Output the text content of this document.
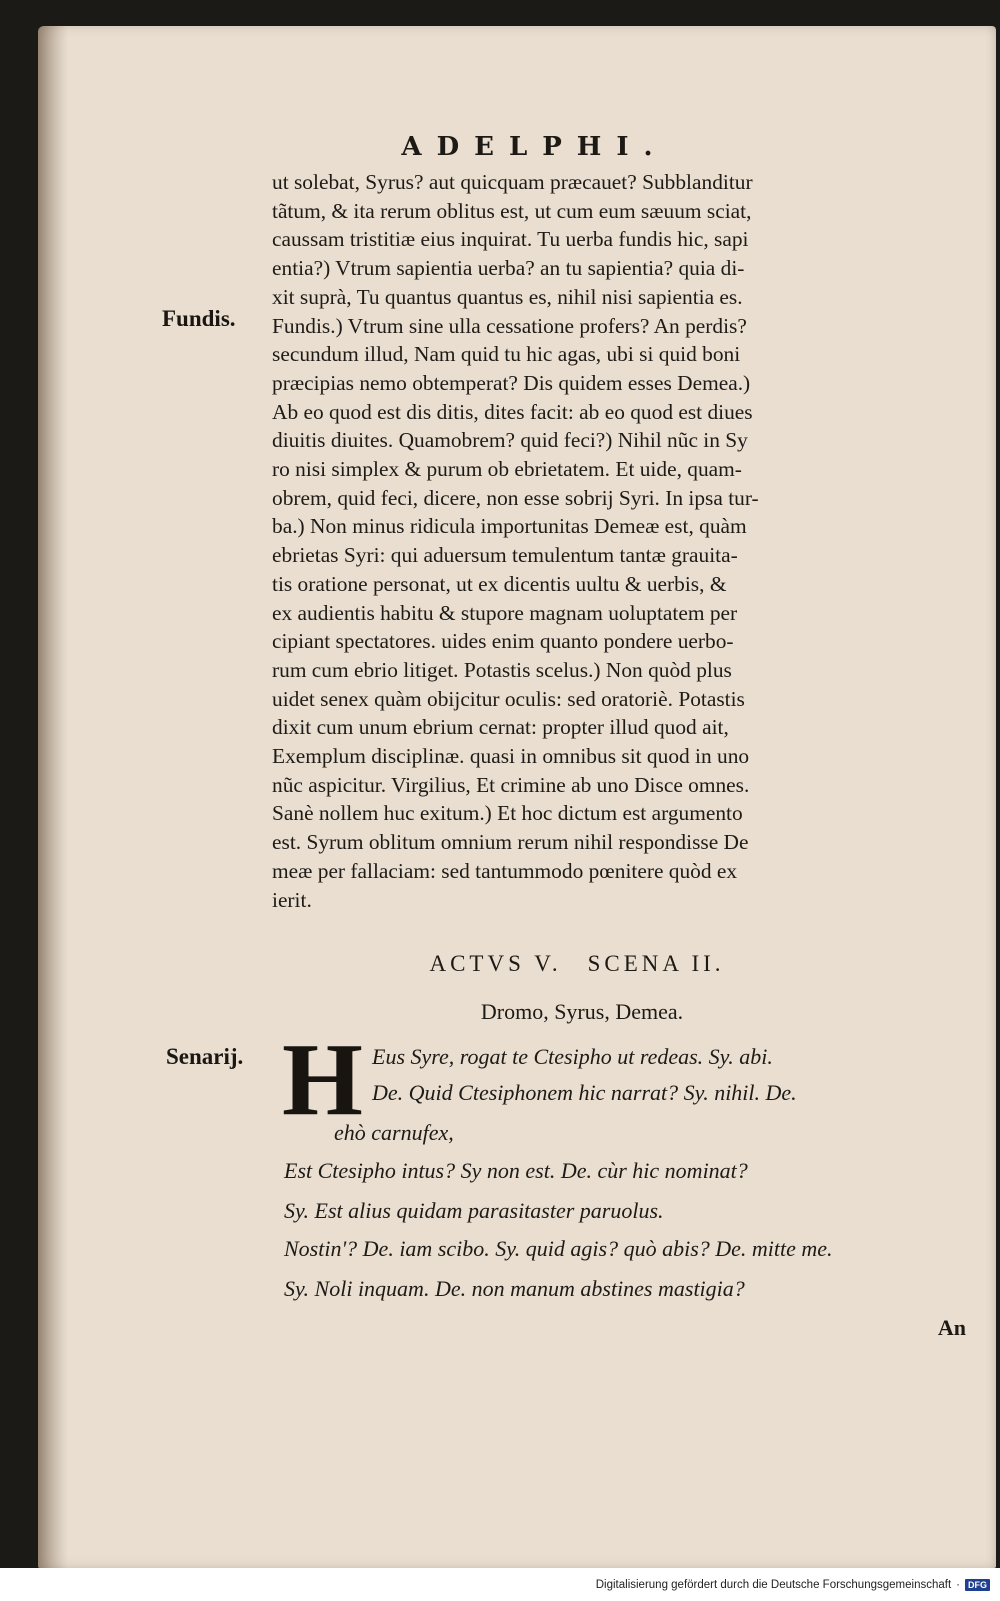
ADELPHI.
Fundis.
ut solebat, Syrus? aut quicquam præcauet? Subblanditur
tãtum, & ita rerum oblitus est, ut cum eum sæuum sciat,
caussam tristitiæ eius inquirat. Tu uerba fundis hic, sapi
entia?) Vtrum sapientia uerba? an tu sapientia? quia di-
xit suprà, Tu quantus quantus es, nihil nisi sapientia es.
Fundis.) Vtrum sine ulla cessatione profers? An perdis?
secundum illud, Nam quid tu hic agas, ubi si quid boni
præcipias nemo obtemperat? Dis quidem esses Demea.)
Ab eo quod est dis ditis, dites facit: ab eo quod est diues
diuitis diuites. Quamobrem? quid feci?) Nihil nũc in Sy
ro nisi simplex & purum ob ebrietatem. Et uide, quam-
obrem, quid feci, dicere, non esse sobrij Syri. In ipsa tur-
ba.) Non minus ridicula importunitas Demeæ est, quàm
ebrietas Syri: qui aduersum temulentum tantæ grauita-
tis oratione personat, ut ex dicentis uultu & uerbis, &
ex audientis habitu & stupore magnam uoluptatem per
cipiant spectatores. uides enim quanto pondere uerbo-
rum cum ebrio litiget. Potastis scelus.) Non quòd plus
uidet senex quàm obijcitur oculis: sed oratoriè. Potastis
dixit cum unum ebrium cernat: propter illud quod ait,
Exemplum disciplinæ. quasi in omnibus sit quod in uno
nũc aspicitur. Virgilius, Et crimine ab uno Disce omnes.
Sanè nollem huc exitum.) Et hoc dictum est argumento
est. Syrum oblitum omnium rerum nihil respondisse De
meæ per fallaciam: sed tantummodo pœnitere quòd ex
ierit.
ACTVS V. SCENA II.
Dromo, Syrus, Demea.
Senarij. H Eus Syre, rogat te Ctesipho ut redeas. Sy. abi.
De. Quid Ctesiphonem hic narrat? Sy. nihil. De.
ehò carnufex,
Est Ctesipho intus? Sy non est. De. cùr hic nominat?
Sy. Est alius quidam parasitaster paruolus.
Nostin'? De. iam scibo. Sy. quid agis? quò abis? De. mitte me.
Sy. Noli inquam. De. non manum abstines mastigia?
An
Digitalisierung gefördert durch die Deutsche Forschungsgemeinschaft · DFG
